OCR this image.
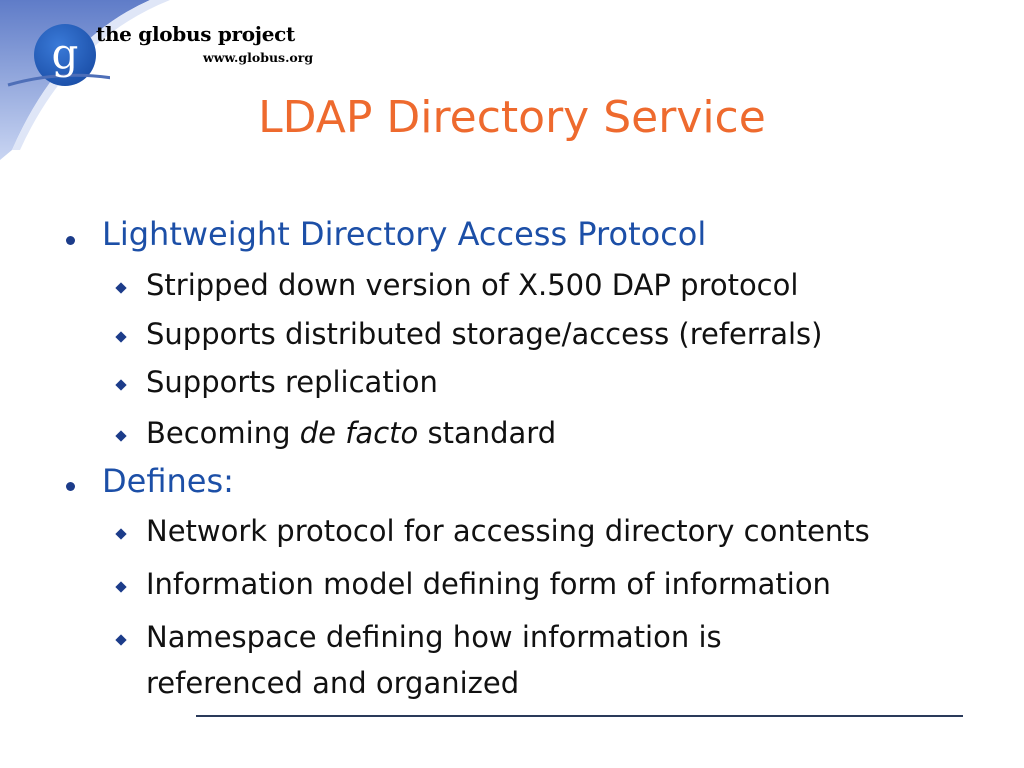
g the globus project
www.globus.org
LDAP Directory Service
Lightweight Directory Access Protocol
Stripped down version of X.500 DAP protocol
Supports distributed storage/access (referrals)
Supports replication
Becoming de facto standard
Defines:
Network protocol for accessing directory contents
Information model defining form of information
Namespace defining how information is
referenced and organized
